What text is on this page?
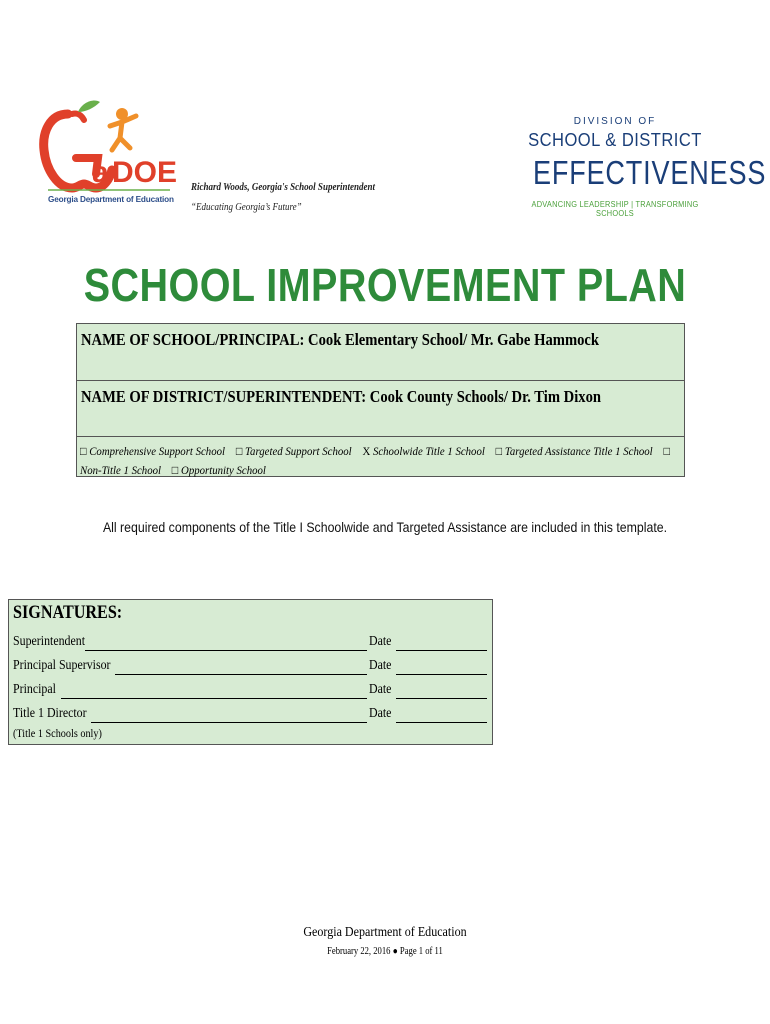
a DOE
Georgia Department of Education
Richard Woods, Georgia's School Superintendent
“Educating Georgia’s Future”
DIVISION OF
SCHOOL & DISTRICT
EFFECTIVENESS
ADVANCING LEADERSHIP | TRANSFORMING SCHOOLS
SCHOOL IMPROVEMENT PLAN
NAME OF SCHOOL/PRINCIPAL: Cook Elementary School/ Mr. Gabe Hammock
NAME OF DISTRICT/SUPERINTENDENT: Cook County Schools/ Dr. Tim Dixon
□ Comprehensive Support School □ Targeted Support School X Schoolwide Title 1 School □ Targeted Assistance Title 1 School □ Non-Title 1 School □ Opportunity School
All required components of the Title I Schoolwide and Targeted Assistance are included in this template.
SIGNATURES:
Superintendent	Date
Principal Supervisor	Date
Principal	Date
Title 1 Director	Date
(Title 1 Schools only)
Georgia Department of Education
February 22, 2016 ● Page 1 of 11
